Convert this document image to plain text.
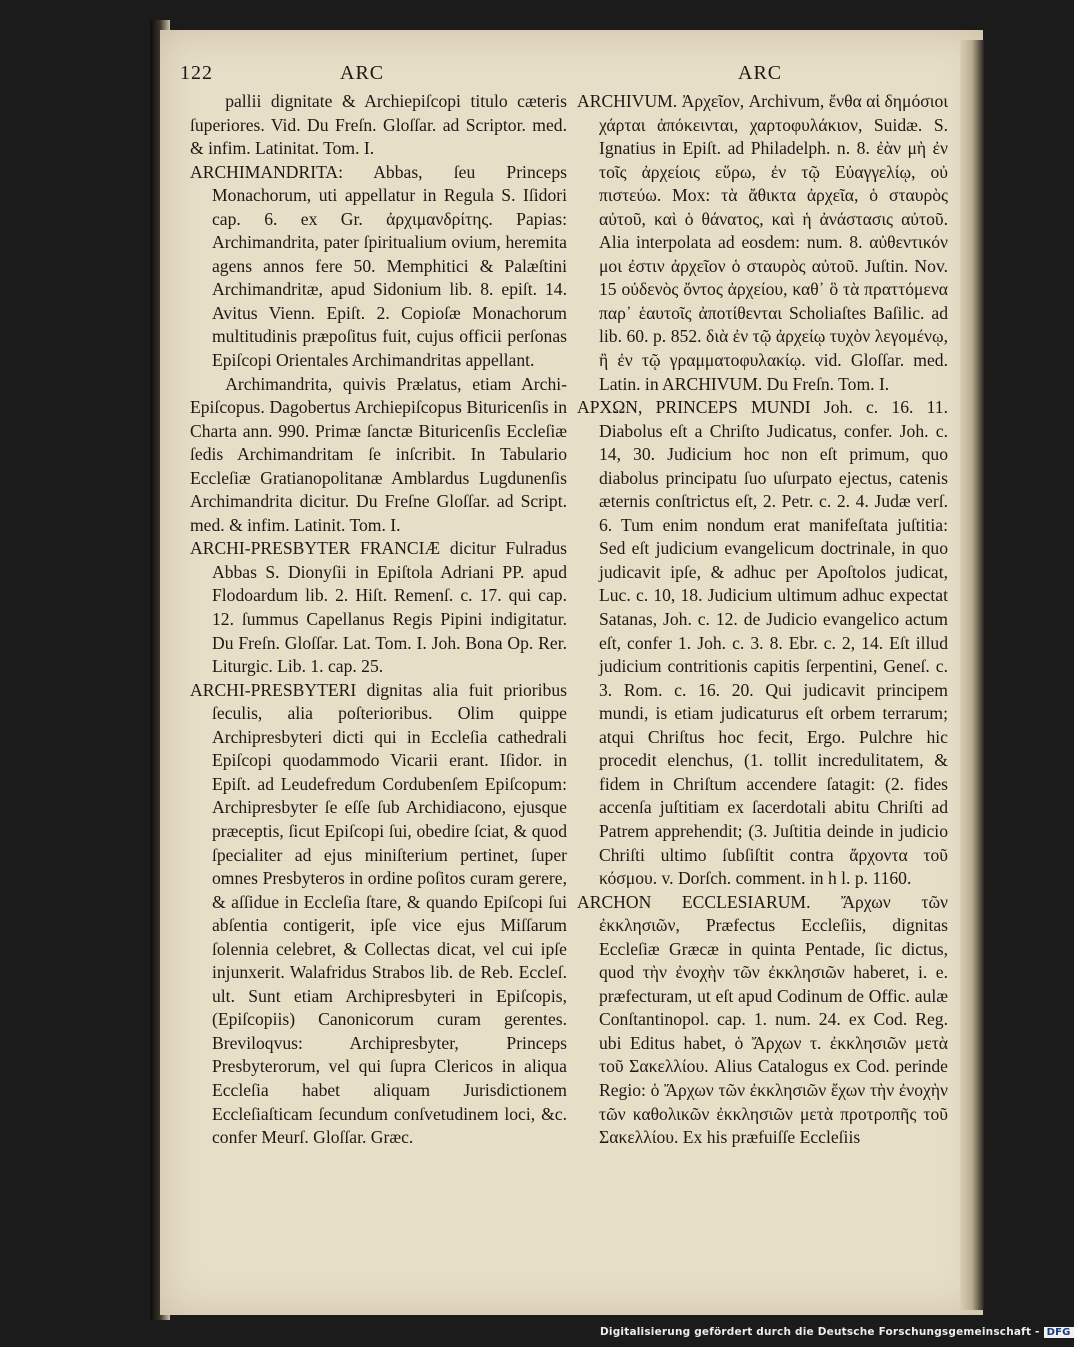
122	ARC	ARC

pallii dignitate & Archiepiſcopi titulo cæteris ſuperiores. Vid. Du Freſn. Gloſſar. ad Scriptor. med. & infim. Latinitat. Tom. I.

ARCHIMANDRITA: Abbas, ſeu Princeps Monachorum, uti appellatur in Regula S. Iſidori cap. 6. ex Gr. ἀρχιμανδρίτης. Papias: Archimandrita, pater ſpiritualium ovium, heremita agens annos fere 50. Memphitici & Palæſtini Archimandritæ, apud Sidonium lib. 8. epiſt. 14. Avitus Vienn. Epiſt. 2. Copioſæ Monachorum multitudinis præpoſitus fuit, cujus officii perſonas Epiſcopi Orientales Archimandritas appellant.

Archimandrita, quivis Prælatus, etiam Archi-Epiſcopus. Dagobertus Archiepiſcopus Bituricenſis in Charta ann. 990. Primæ ſanctæ Bituricenſis Eccleſiæ ſedis Archimandritam ſe inſcribit. In Tabulario Eccleſiæ Gratianopolitanæ Amblardus Lugdunenſis Archimandrita dicitur. Du Freſne Gloſſar. ad Script. med. & infim. Latinit. Tom. I.

ARCHI-PRESBYTER FRANCIÆ dicitur Fulradus Abbas S. Dionyſii in Epiſtola Adriani PP. apud Flodoardum lib. 2. Hiſt. Remenſ. c. 17. qui cap. 12. ſummus Capellanus Regis Pipini indigitatur. Du Freſn. Gloſſar. Lat. Tom. I. Joh. Bona Op. Rer. Liturgic. Lib. 1. cap. 25.

ARCHI-PRESBYTERI dignitas alia fuit prioribus ſeculis, alia poſterioribus. Olim quippe Archipresbyteri dicti qui in Eccleſia cathedrali Epiſcopi quodammodo Vicarii erant. Iſidor. in Epiſt. ad Leudefredum Cordubenſem Epiſcopum: Archipresbyter ſe eſſe ſub Archidiacono, ejusque præceptis, ſicut Epiſcopi ſui, obedire ſciat, & quod ſpecialiter ad ejus miniſterium pertinet, ſuper omnes Presbyteros in ordine poſitos curam gerere, & aſſidue in Eccleſia ſtare, & quando Epiſcopi ſui abſentia contigerit, ipſe vice ejus Miſſarum ſolennia celebret, & Collectas dicat, vel cui ipſe injunxerit. Walafridus Strabos lib. de Reb. Eccleſ. ult. Sunt etiam Archipresbyteri in Epiſcopis, (Epiſcopiis) Canonicorum curam gerentes. Breviloqvus: Archipresbyter, Princeps Presbyterorum, vel qui ſupra Clericos in aliqua Eccleſia habet aliquam Jurisdictionem Eccleſiaſticam ſecundum conſvetudinem loci, &c. confer Meurſ. Gloſſar. Græc.

ARCHIVUM. Ἀρχεῖον, Archivum, ἔνθα αἱ δημόσιοι χάρται ἀπόκεινται, χαρτοφυλάκιον, Suidæ. S. Ignatius in Epiſt. ad Philadelph. n. 8. ἐὰν μὴ ἐν τοῖς ἀρχείοις εὕρω, ἐν τῷ Εὐαγγελίῳ, οὐ πιστεύω. Mox: τὰ ἄθικτα ἀρχεῖα, ὁ σταυρὸς αὐτοῦ, καὶ ὁ θάνατος, καὶ ἡ ἀνάστασις αὐτοῦ. Alia interpolata ad eosdem: num. 8. αὐθεντικόν μοι ἐστιν ἀρχεῖον ὁ σταυρὸς αὐτοῦ. Juſtin. Nov. 15 οὐδενὸς ὄντος ἀρχείου, καθ᾽ ὃ τὰ πραττόμενα παρ᾽ ἑαυτοῖς ἀποτίθενται Scholiaſtes Baſilic. ad lib. 60. p. 852. διὰ ἐν τῷ ἀρχείῳ τυχὸν λεγομένῳ, ἢ ἐν τῷ γραμματοφυλακίῳ. vid. Gloſſar. med. Latin. in ARCHIVUM. Du Freſn. Tom. I.

ΑΡΧΩΝ, PRINCEPS MUNDI Joh. c. 16. 11. Diabolus eſt a Chriſto Judicatus, confer. Joh. c. 14, 30. Judicium hoc non eſt primum, quo diabolus principatu ſuo uſurpato ejectus, catenis æternis conſtrictus eſt, 2. Petr. c. 2. 4. Judæ verſ. 6. Tum enim nondum erat manifeſtata juſtitia: Sed eſt judicium evangelicum doctrinale, in quo judicavit ipſe, & adhuc per Apoſtolos judicat, Luc. c. 10, 18. Judicium ultimum adhuc expectat Satanas, Joh. c. 12. de Judicio evangelico actum eſt, confer 1. Joh. c. 3. 8. Ebr. c. 2, 14. Eſt illud judicium contritionis capitis ſerpentini, Geneſ. c. 3. Rom. c. 16. 20. Qui judicavit principem mundi, is etiam judicaturus eſt orbem terrarum; atqui Chriſtus hoc fecit, Ergo. Pulchre hic procedit elenchus, (1. tollit incredulitatem, & fidem in Chriſtum accendere ſatagit: (2. fides accenſa juſtitiam ex ſacerdotali abitu Chriſti ad Patrem apprehendit; (3. Juſtitia deinde in judicio Chriſti ultimo ſubſiſtit contra ἄρχοντα τοῦ κόσμου. v. Dorſch. comment. in h l. p. 1160.

ARCHON ECCLESIARUM. Ἄρχων τῶν ἐκκλησιῶν, Præfectus Eccleſiis, dignitas Eccleſiæ Græcæ in quinta Pentade, ſic dictus, quod τὴν ἐνοχὴν τῶν ἐκκλησιῶν haberet, i. e. præfecturam, ut eſt apud Codinum de Offic. aulæ Conſtantinopol. cap. 1. num. 24. ex Cod. Reg. ubi Editus habet, ὁ Ἄρχων τ. ἐκκλησιῶν μετὰ τοῦ Σακελλίου. Alius Catalogus ex Cod. perinde Regio: ὁ Ἄρχων τῶν ἐκκλησιῶν ἔχων τὴν ἐνοχὴν τῶν καθολικῶν ἐκκλησιῶν μετὰ προτροπῆς τοῦ Σακελλίου. Ex his præfuiſſe Eccleſiis

Digitalisierung gefördert durch die Deutsche Forschungsgemeinschaft - DFG
